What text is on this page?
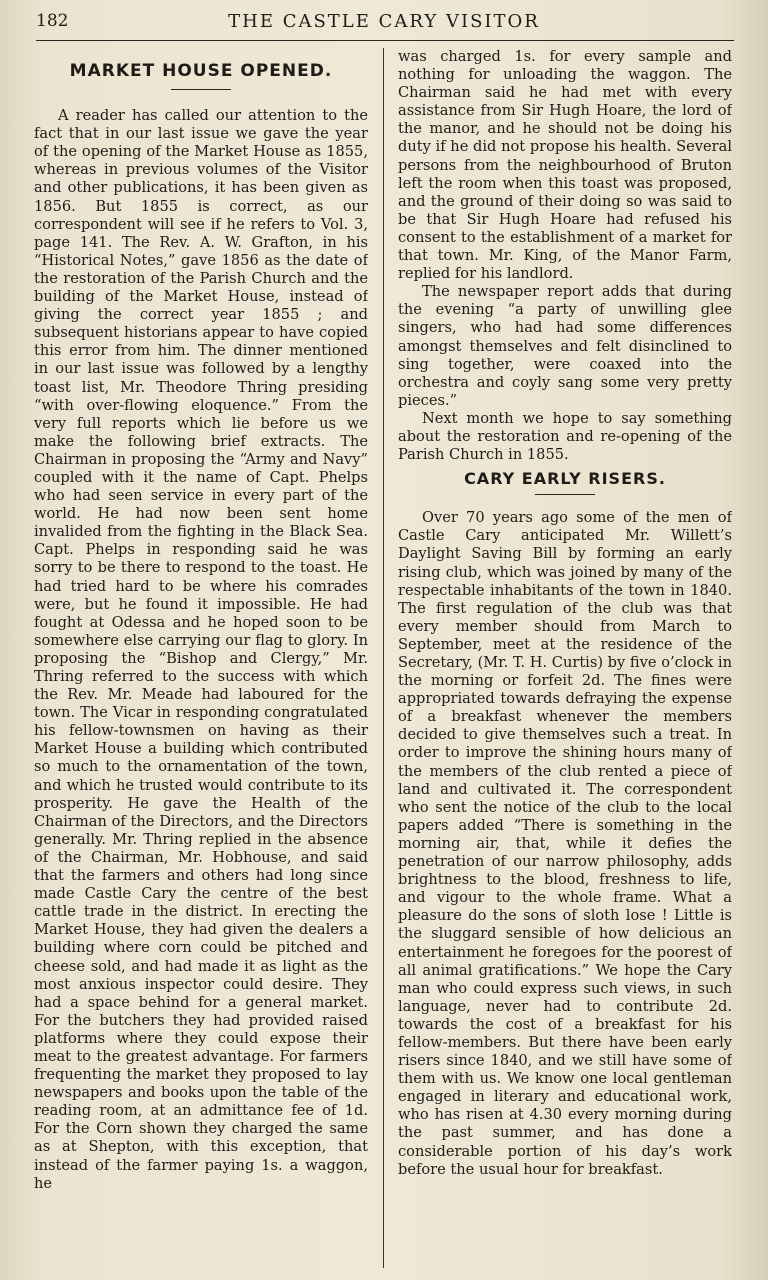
182	THE CASTLE CARY VISITOR
MARKET HOUSE OPENED.

A reader has called our attention to the fact that in our last issue we gave the year of the opening of the Market House as 1855, whereas in previous volumes of the Visitor and other publications, it has been given as 1856. But 1855 is correct, as our correspondent will see if he refers to Vol. 3, page 141. The Rev. A. W. Grafton, in his “Historical Notes,” gave 1856 as the date of the restoration of the Parish Church and the building of the Market House, instead of giving the correct year 1855 ; and subsequent historians appear to have copied this error from him. The dinner mentioned in our last issue was followed by a lengthy toast list, Mr. Theodore Thring presiding “with over-flowing eloquence.” From the very full reports which lie before us we make the following brief extracts. The Chairman in proposing the “Army and Navy” coupled with it the name of Capt. Phelps who had seen service in every part of the world. He had now been sent home invalided from the fighting in the Black Sea. Capt. Phelps in responding said he was sorry to be there to respond to the toast. He had tried hard to be where his comrades were, but he found it impossible. He had fought at Odessa and he hoped soon to be somewhere else carrying our flag to glory. In proposing the “Bishop and Clergy,” Mr. Thring referred to the success with which the Rev. Mr. Meade had laboured for the town. The Vicar in responding congratulated his fellow-townsmen on having as their Market House a building which contributed so much to the ornamentation of the town, and which he trusted would contribute to its prosperity. He gave the Health of the Chairman of the Directors, and the Directors generally. Mr. Thring replied in the absence of the Chairman, Mr. Hobhouse, and said that the farmers and others had long since made Castle Cary the centre of the best cattle trade in the district. In erecting the Market House, they had given the dealers a building where corn could be pitched and cheese sold, and had made it as light as the most anxious inspector could desire. They had a space behind for a general market. For the butchers they had provided raised platforms where they could expose their meat to the greatest advantage. For farmers frequenting the market they proposed to lay newspapers and books upon the table of the reading room, at an admittance fee of 1d. For the Corn shown they charged the same as at Shepton, with this exception, that instead of the farmer paying 1s. a waggon, he

was charged 1s. for every sample and nothing for unloading the waggon. The Chairman said he had met with every assistance from Sir Hugh Hoare, the lord of the manor, and he should not be doing his duty if he did not propose his health. Several persons from the neighbourhood of Bruton left the room when this toast was proposed, and the ground of their doing so was said to be that Sir Hugh Hoare had refused his consent to the establishment of a market for that town. Mr. King, of the Manor Farm, replied for his landlord.

The newspaper report adds that during the evening “a party of unwilling glee singers, who had had some differences amongst themselves and felt disinclined to sing together, were coaxed into the orchestra and coyly sang some very pretty pieces.”

Next month we hope to say something about the restoration and re-opening of the Parish Church in 1855.

CARY EARLY RISERS.

Over 70 years ago some of the men of Castle Cary anticipated Mr. Willett’s Daylight Saving Bill by forming an early rising club, which was joined by many of the respectable inhabitants of the town in 1840. The first regulation of the club was that every member should from March to September, meet at the residence of the Secretary, (Mr. T. H. Curtis) by five o’clock in the morning or forfeit 2d. The fines were appropriated towards defraying the expense of a breakfast whenever the members decided to give themselves such a treat. In order to improve the shining hours many of the members of the club rented a piece of land and cultivated it. The correspondent who sent the notice of the club to the local papers added “There is something in the morning air, that, while it defies the penetration of our narrow philosophy, adds brightness to the blood, freshness to life, and vigour to the whole frame. What a pleasure do the sons of sloth lose ! Little is the sluggard sensible of how delicious an entertainment he foregoes for the poorest of all animal gratifications.” We hope the Cary man who could express such views, in such language, never had to contribute 2d. towards the cost of a breakfast for his fellow-members. But there have been early risers since 1840, and we still have some of them with us. We know one local gentleman engaged in literary and educational work, who has risen at 4.30 every morning during the past summer, and has done a considerable portion of his day’s work before the usual hour for breakfast.
